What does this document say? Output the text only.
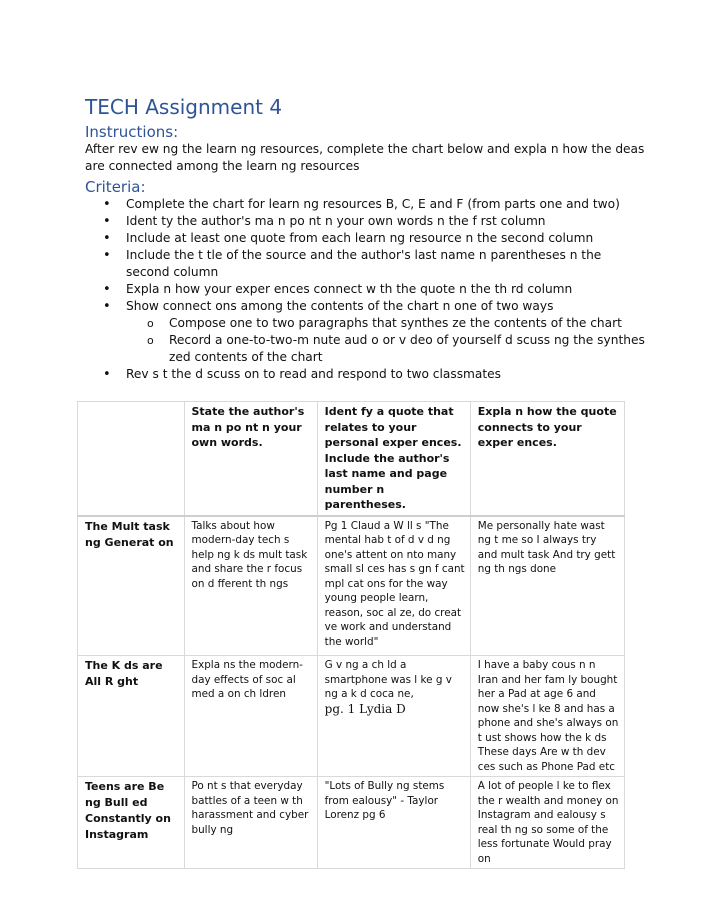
TECH Assignment 4
Instructions:
After rev ew ng the learn ng resources, complete the chart below and expla n how the deas are connected among the learn ng resources
Criteria:
• Complete the chart for learn ng resources B, C, E and F (from parts one and two)
• Ident ty the author's ma n po nt n your own words n the f rst column
• Include at least one quote from each learn ng resource n the second column
• Include the t tle of the source and the author's last name n parentheses n the second column
• Expla n how your exper ences connect w th the quote n the th rd column
• Show connect ons among the contents of the chart n one of two ways
o Compose one to two paragraphs that synthes ze the contents of the chart
o Record a one-to-two-m nute aud o or v deo of yourself d scuss ng the synthes zed contents of the chart
• Rev s t the d scuss on to read and respond to two classmates
	State the author's ma n po nt n your own words.	Ident fy a quote that relates to your personal exper ences. Include the author's last name and page number n parentheses.	Expla n how the quote connects to your exper ences.
The Mult task ng Generat on	Talks about how modern-day tech s help ng k ds mult task and share the r focus on d fferent th ngs	Pg 1 Claud a W ll s "The mental hab t of d v d ng one's attent on nto many small sl ces has s gn f cant mpl cat ons for the way young people learn, reason, soc al ze, do creat ve work and understand the world"	Me personally hate wast ng t me so I always try and mult task And try gett ng th ngs done
The K ds are All R ght	Expla ns the modern-day effects of soc al med a on ch ldren	G v ng a ch ld a smartphone was l ke g v ng a k d coca ne,
pg. 1 Lydia D	I have a baby cous n n Iran and her fam ly bought her a Pad at age 6 and now she's l ke 8 and has a phone and she's always on t ust shows how the k ds These days Are w th dev ces such as Phone Pad etc
Teens are Be ng Bull ed Constantly on Instagram	Po nt s that everyday battles of a teen w th harassment and cyber bully ng	"Lots of Bully ng stems from ealousy" - Taylor Lorenz pg 6	A lot of people l ke to flex the r wealth and money on Instagram and ealousy s real th ng so some of the less fortunate Would pray on
